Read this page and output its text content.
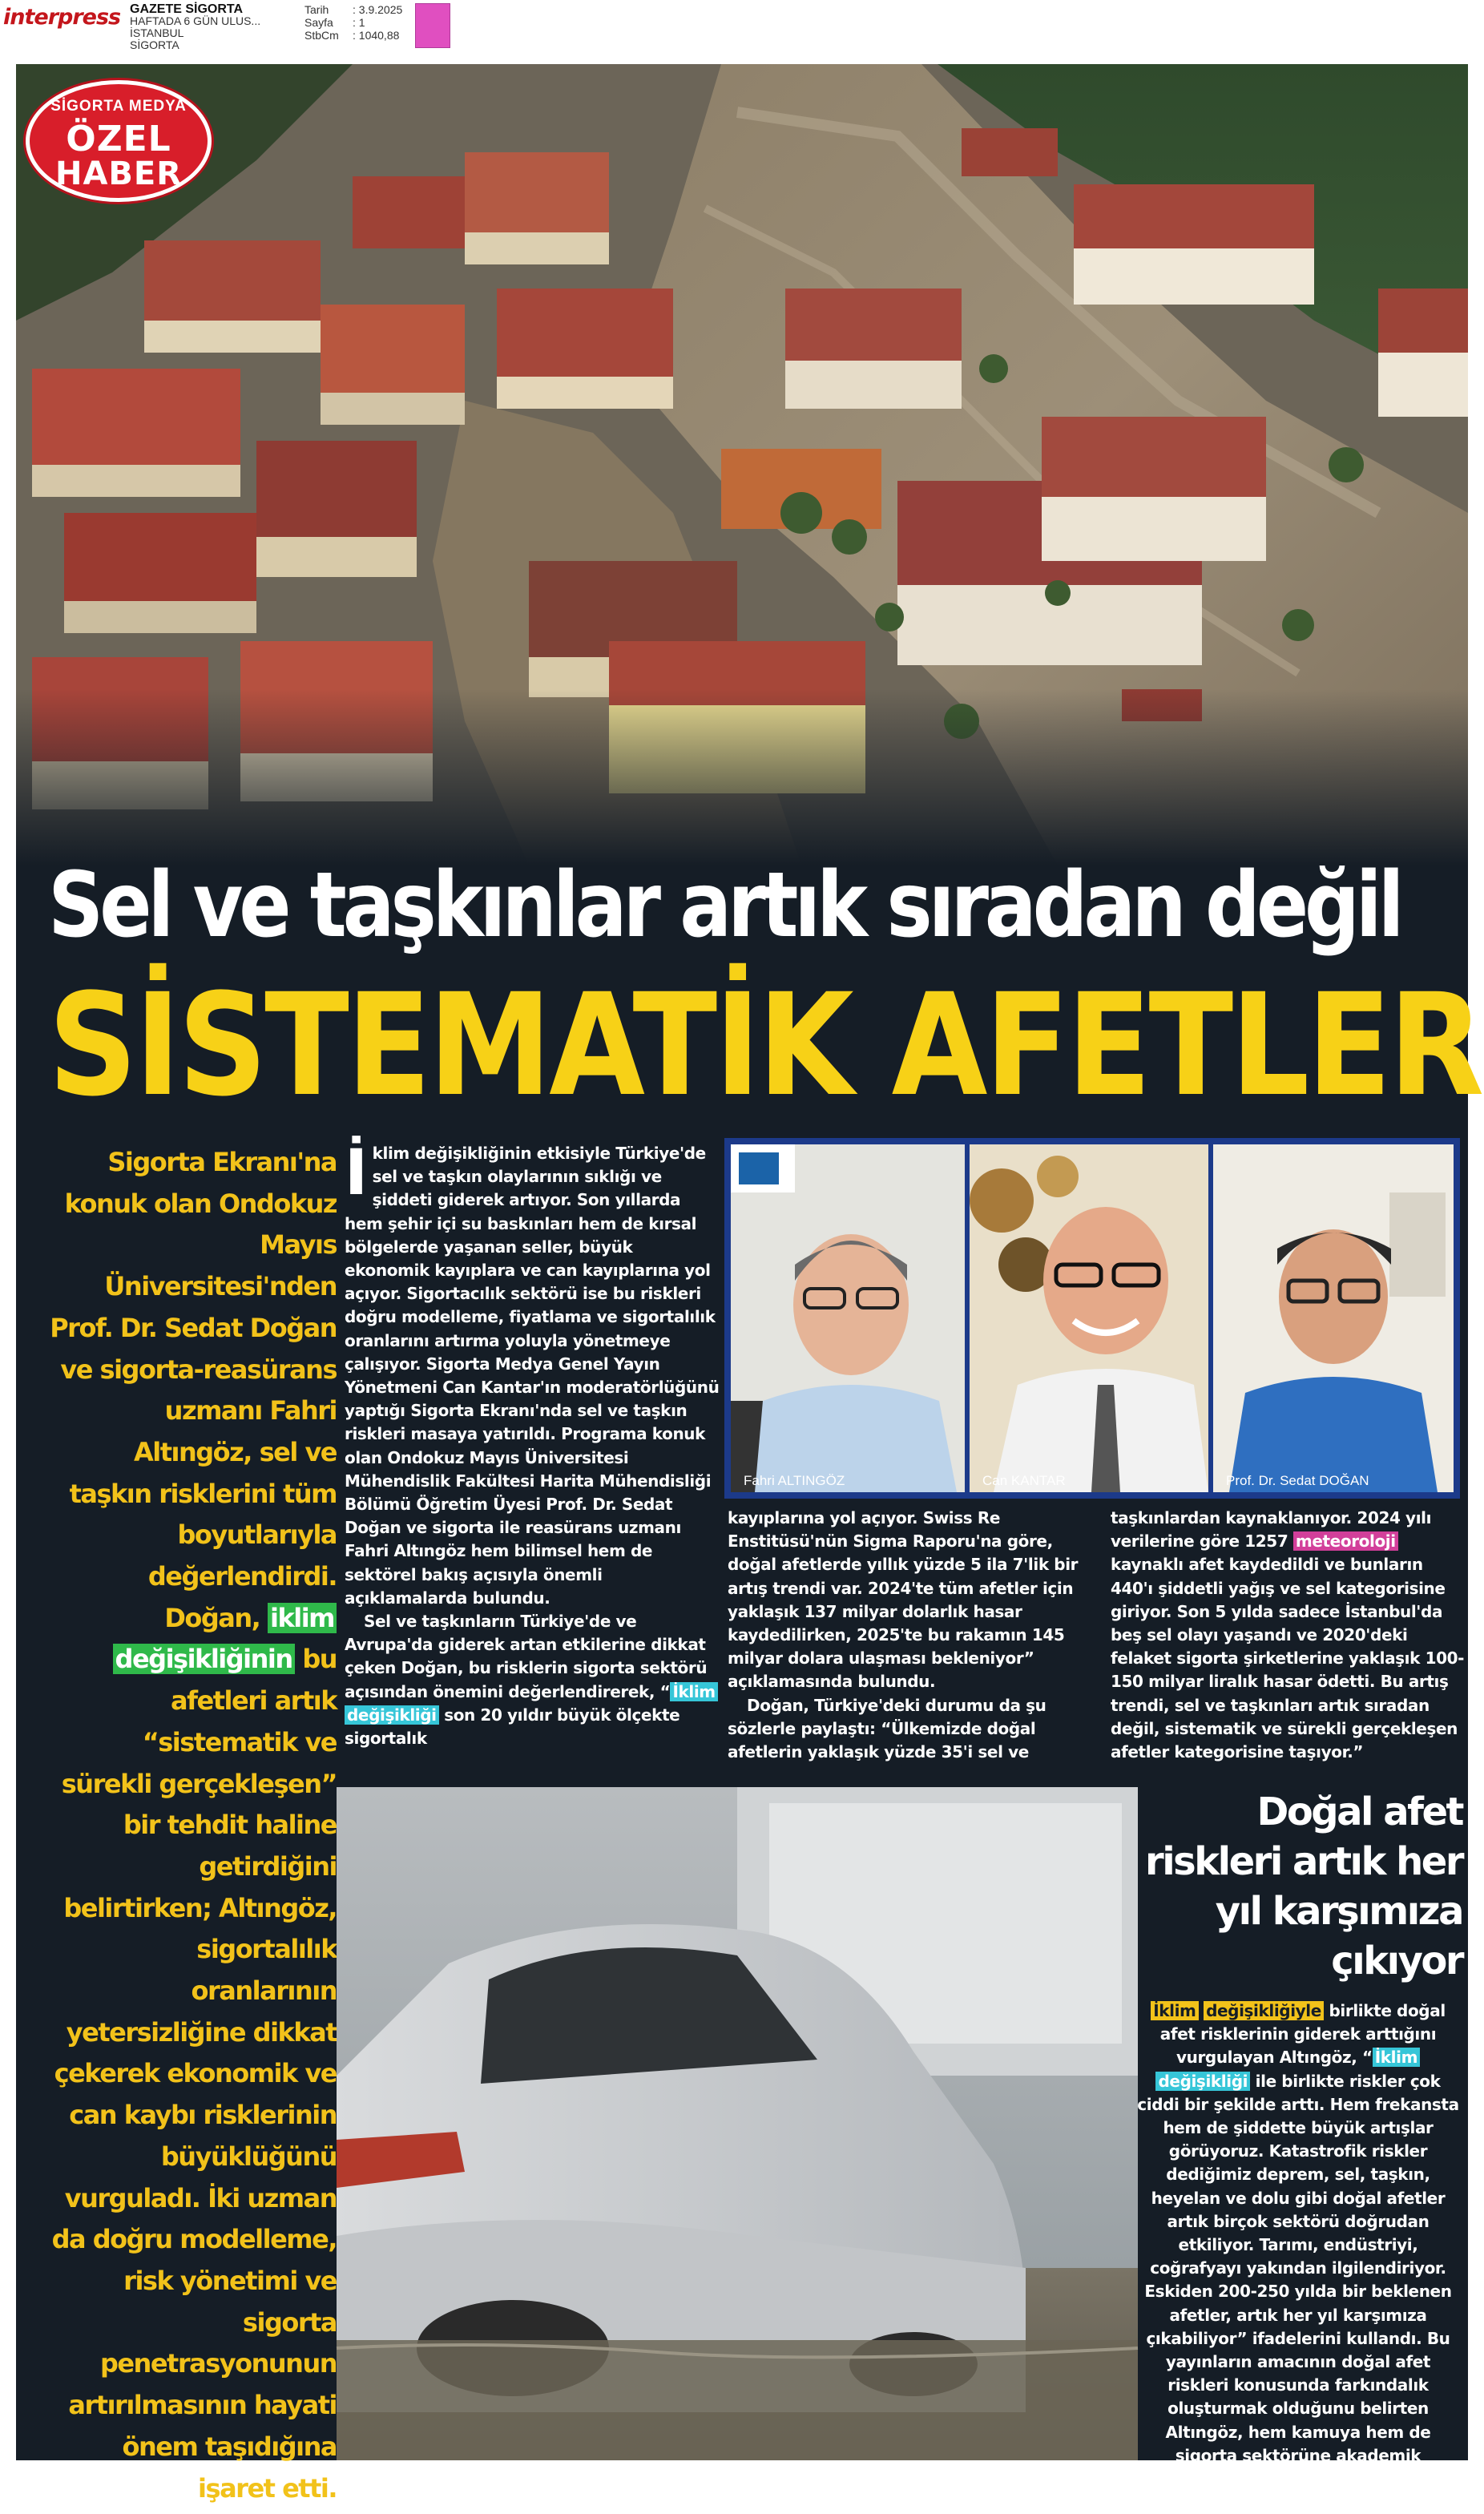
interpress GAZETE SİGORTA
HAFTADA 6 GÜN ULUS...
İSTANBUL
SİGORTA
Tarih	: 3.9.2025
Sayfa	: 1
StbCm	: 1040,88
SİGORTA MEDYA
ÖZEL
HABER
Sel ve taşkınlar artık sıradan değil
SİSTEMATİK AFETLER
Sigorta Ekranı'na konuk olan Ondokuz Mayıs Üniversitesi'nden Prof. Dr. Sedat Doğan ve sigorta-reasürans uzmanı Fahri Altıngöz, sel ve taşkın risklerini tüm boyutlarıyla değerlendirdi. Doğan, iklim değişikliğinin bu afetleri artık “sistematik ve sürekli gerçekleşen” bir tehdit haline getirdiğini belirtirken; Altıngöz, sigortalılık oranlarının yetersizliğine dikkat çekerek ekonomik ve can kaybı risklerinin büyüklüğünü vurguladı. İki uzman da doğru modelleme, risk yönetimi ve sigorta penetrasyonunun artırılmasının hayati önem taşıdığına işaret etti.

İklim değişikliğinin etkisiyle Türkiye'de sel ve taşkın olaylarının sıklığı ve şiddeti giderek artıyor. Son yıllarda hem şehir içi su baskınları hem de kırsal bölgelerde yaşanan seller, büyük ekonomik kayıplara ve can kayıplarına yol açıyor. Sigortacılık sektörü ise bu riskleri doğru modelleme, fiyatlama ve sigortalılık oranlarını artırma yoluyla yönetmeye çalışıyor. Sigorta Medya Genel Yayın Yönetmeni Can Kantar'ın moderatörlüğünü yaptığı Sigorta Ekranı'nda sel ve taşkın riskleri masaya yatırıldı. Programa konuk olan Ondokuz Mayıs Üniversitesi Mühendislik Fakültesi Harita Mühendisliği Bölümü Öğretim Üyesi Prof. Dr. Sedat Doğan ve sigorta ile reasürans uzmanı Fahri Altıngöz hem bilimsel hem de sektörel bakış açısıyla önemli açıklamalarda bulundu.

Sel ve taşkınların Türkiye'de ve Avrupa'da giderek artan etkilerine dikkat çeken Doğan, bu risklerin sigorta sektörü açısından önemini değerlendirerek, “ İklim değişikliği son 20 yıldır büyük ölçekte sigortalık

Fahri ALTINGÖZ	Can KANTAR	Prof. Dr. Sedat DOĞAN

kayıplarına yol açıyor. Swiss Re Enstitüsü'nün Sigma Raporu'na göre, doğal afetlerde yıllık yüzde 5 ila 7'lik bir artış trendi var. 2024'te tüm afetler için yaklaşık 137 milyar dolarlık hasar kaydedilirken, 2025'te bu rakamın 145 milyar dolara ulaşması bekleniyor” açıklamasında bulundu.

Doğan, Türkiye'deki durumu da şu sözlerle paylaştı: “Ülkemizde doğal afetlerin yaklaşık yüzde 35'i sel ve

taşkınlardan kaynaklanıyor. 2024 yılı verilerine göre 1257 meteoroloji kaynaklı afet kaydedildi ve bunların 440'ı şiddetli yağış ve sel kategorisine giriyor. Son 5 yılda sadece İstanbul'da beş sel olayı yaşandı ve 2020'deki felaket sigorta şirketlerine yaklaşık 100-150 milyar liralık hasar ödetti. Bu artış trendi, sel ve taşkınları artık sıradan değil, sistematik ve sürekli gerçekleşen afetler kategorisine taşıyor.”

Doğal afet riskleri artık her yıl karşımıza çıkıyor

İklim değişikliğiyle birlikte doğal afet risklerinin giderek arttığını vurgulayan Altıngöz, “ İklim değişikliği ile birlikte riskler çok ciddi bir şekilde arttı. Hem frekansta hem de şiddette büyük artışlar görüyoruz. Katastrofik riskler dediğimiz deprem, sel, taşkın, heyelan ve dolu gibi doğal afetler artık birçok sektörü doğrudan etkiliyor. Tarımı, endüstriyi, coğrafyayı yakından ilgilendiriyor. Eskiden 200-250 yılda bir beklenen afetler, artık her yıl karşımıza çıkabiliyor” ifadelerini kullandı. Bu yayınların amacının doğal afet riskleri konusunda farkındalık oluşturmak olduğunu belirten Altıngöz, hem kamuya hem de sigorta sektörüne akademik perspektifle katkı sağlamayı hedeflediklerini söyledi.
